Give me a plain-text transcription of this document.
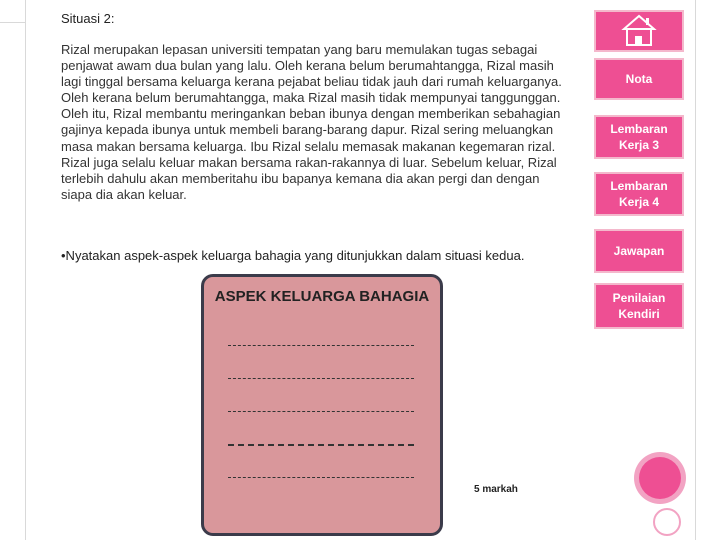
Situasi 2:

Rizal merupakan lepasan universiti tempatan yang baru memulakan tugas sebagai penjawat awam dua bulan yang lalu. Oleh kerana belum berumahtangga, Rizal masih lagi tinggal bersama keluarga kerana pejabat beliau tidak jauh dari rumah keluarganya. Oleh kerana belum berumahtangga, maka Rizal masih tidak mempunyai tanggunggan. Oleh itu, Rizal membantu meringankan beban ibunya dengan memberikan sebahagian gajinya kepada ibunya untuk membeli barang-barang dapur. Rizal sering meluangkan masa makan bersama keluarga. Ibu Rizal selalu memasak makanan kegemaran rizal. Rizal juga selalu keluar makan bersama rakan-rakannya di luar. Sebelum keluar, Rizal terlebih dahulu akan memberitahu ibu bapanya kemana dia akan pergi dan dengan siapa dia akan keluar.

•Nyatakan aspek-aspek keluarga bahagia yang ditunjukkan dalam situasi kedua.
ASPEK KELUARGA BAHAGIA
5 markah
Nota
Lembaran Kerja 3
Lembaran Kerja 4
Jawapan
Penilaian Kendiri
